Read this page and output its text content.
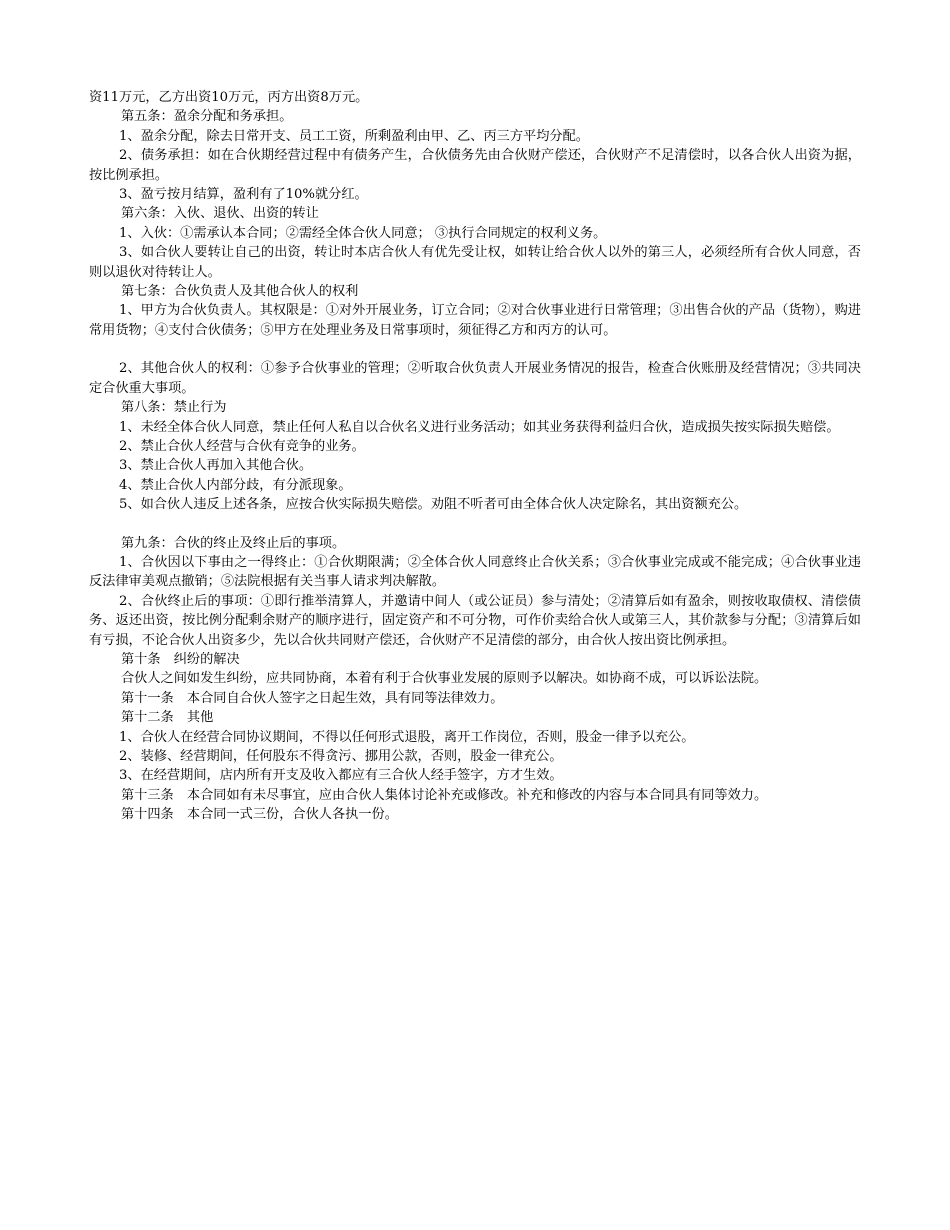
资11万元，乙方出资10万元，丙方出资8万元。

第五条：盈余分配和务承担。

1、盈余分配，除去日常开支、员工工资，所剩盈利由甲、乙、丙三方平均分配。

2、债务承担：如在合伙期经营过程中有债务产生，合伙债务先由合伙财产偿还，合伙财产不足清偿时，以各合伙人出资为据，按比例承担。

3、盈亏按月结算，盈利有了10%就分红。

第六条：入伙、退伙、出资的转让

1、入伙：①需承认本合同；②需经全体合伙人同意； ③执行合同规定的权利义务。

3、如合伙人要转让自己的出资，转让时本店合伙人有优先受让权，如转让给合伙人以外的第三人，必须经所有合伙人同意，否则以退伙对待转让人。

第七条：合伙负责人及其他合伙人的权利

1、甲方为合伙负责人。其权限是：①对外开展业务，订立合同；②对合伙事业进行日常管理；③出售合伙的产品（货物），购进常用货物；④支付合伙债务；⑤甲方在处理业务及日常事项时，须征得乙方和丙方的认可。

2、其他合伙人的权利：①参予合伙事业的管理；②听取合伙负责人开展业务情况的报告，检查合伙账册及经营情况；③共同决定合伙重大事项。

第八条：禁止行为

1、未经全体合伙人同意，禁止任何人私自以合伙名义进行业务活动；如其业务获得利益归合伙，造成损失按实际损失赔偿。

2、禁止合伙人经营与合伙有竞争的业务。

3、禁止合伙人再加入其他合伙。

4、禁止合伙人内部分歧，有分派现象。

5、如合伙人违反上述各条，应按合伙实际损失赔偿。劝阻不听者可由全体合伙人决定除名，其出资额充公。

第九条：合伙的终止及终止后的事项。

1、合伙因以下事由之一得终止：①合伙期限满；②全体合伙人同意终止合伙关系；③合伙事业完成或不能完成；④合伙事业违反法律审美观点撤销；⑤法院根据有关当事人请求判决解散。

2、合伙终止后的事项：①即行推举清算人，并邀请中间人（或公证员）参与清处；②清算后如有盈余，则按收取债权、清偿债务、返还出资，按比例分配剩余财产的顺序进行，固定资产和不可分物，可作价卖给合伙人或第三人，其价款参与分配；③清算后如有亏损，不论合伙人出资多少，先以合伙共同财产偿还，合伙财产不足清偿的部分，由合伙人按出资比例承担。

第十条　纠纷的解决

合伙人之间如发生纠纷，应共同协商，本着有利于合伙事业发展的原则予以解决。如协商不成，可以诉讼法院。

第十一条　本合同自合伙人签字之日起生效，具有同等法律效力。

第十二条　其他

1、合伙人在经营合同协议期间，不得以任何形式退股，离开工作岗位，否则，股金一律予以充公。

2、装修、经营期间，任何股东不得贪污、挪用公款，否则，股金一律充公。

3、在经营期间，店内所有开支及收入都应有三合伙人经手签字，方才生效。

第十三条　本合同如有未尽事宜，应由合伙人集体讨论补充或修改。补充和修改的内容与本合同具有同等效力。

第十四条　本合同一式三份，合伙人各执一份。
